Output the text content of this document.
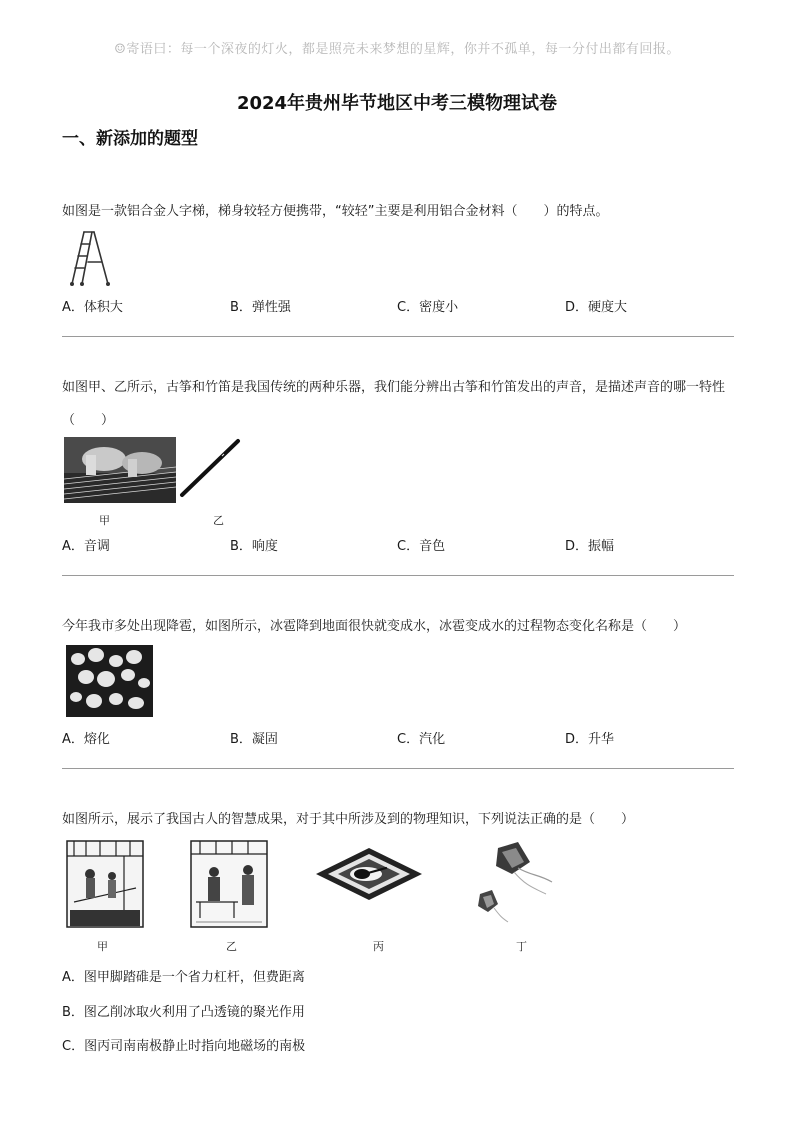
☺寄语曰：每一个深夜的灯火，都是照亮未来梦想的星辉，你并不孤单，每一分付出都有回报。
2024年贵州毕节地区中考三模物理试卷
一、新添加的题型
如图是一款铝合金人字梯，梯身较轻方便携带，“较轻”主要是利用铝合金材料（　　）的特点。
A．体积大	B．弹性强	C．密度小	D．硬度大
如图甲、乙所示，古筝和竹笛是我国传统的两种乐器，我们能分辨出古筝和竹笛发出的声音，是描述声音的哪一特性（　　）
甲	乙
A．音调	B．响度	C．音色	D．振幅
今年我市多处出现降雹，如图所示，冰雹降到地面很快就变成水，冰雹变成水的过程物态变化名称是（　　）
A．熔化	B．凝固	C．汽化	D．升华
如图所示，展示了我国古人的智慧成果，对于其中所涉及到的物理知识，下列说法正确的是（　　）
甲	乙	丙	丁
A．图甲脚踏碓是一个省力杠杆，但费距离
B．图乙削冰取火利用了凸透镜的聚光作用
C．图丙司南南极静止时指向地磁场的南极
